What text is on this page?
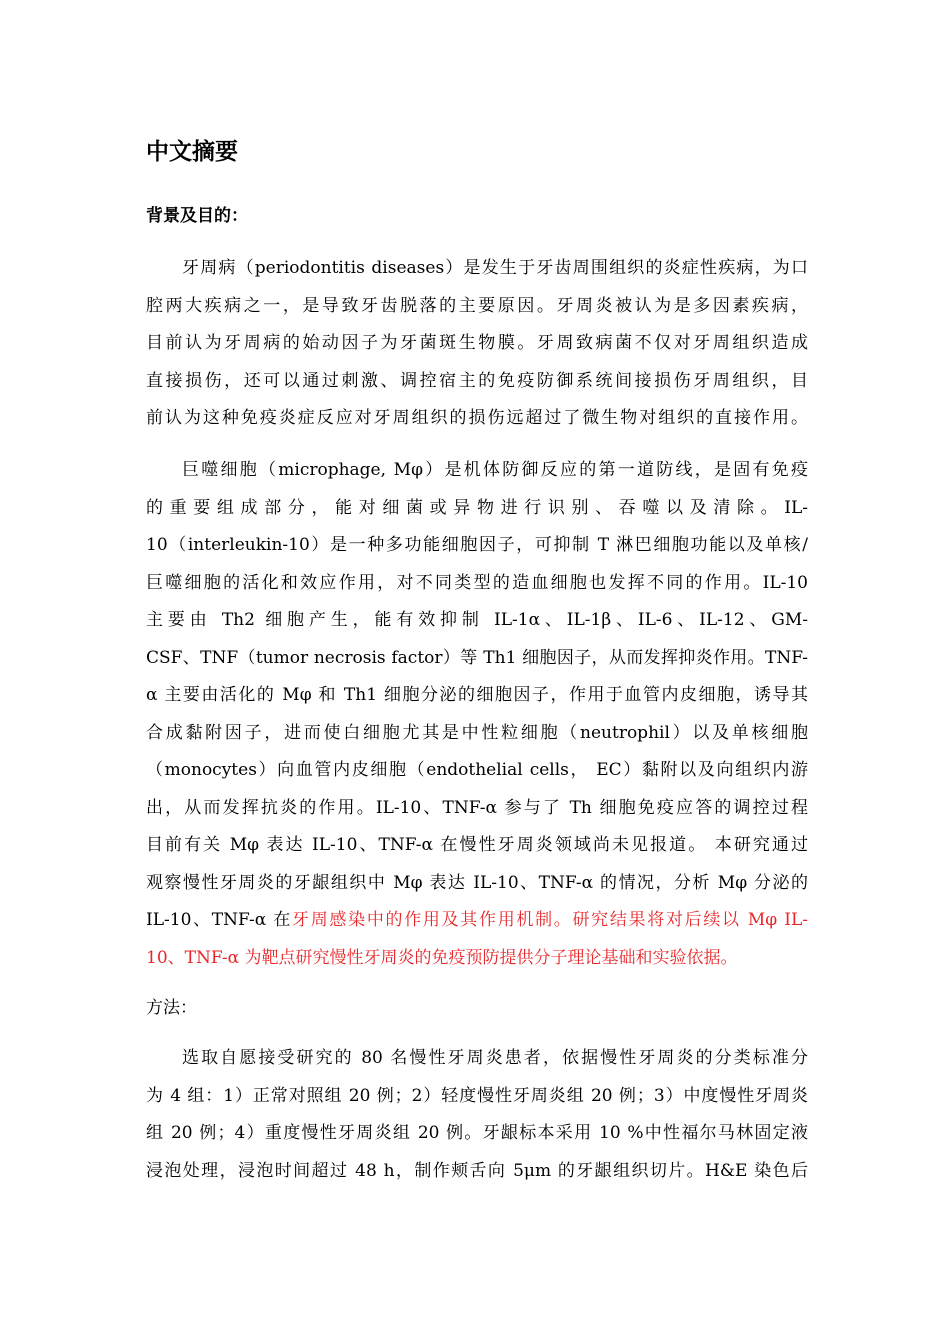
中文摘要
背景及目的：

牙周病（periodontitis diseases）是发生于牙齿周围组织的炎症性疾病，为口
腔两大疾病之一，是导致牙齿脱落的主要原因。牙周炎被认为是多因素疾病，
目前认为牙周病的始动因子为牙菌斑生物膜。牙周致病菌不仅对牙周组织造成
直接损伤，还可以通过刺激、调控宿主的免疫防御系统间接损伤牙周组织，目
前认为这种免疫炎症反应对牙周组织的损伤远超过了微生物对组织的直接作用。

巨噬细胞（microphage, Mφ）是机体防御反应的第一道防线，是固有免疫
的重要组成部分，能对细菌或异物进行识别、吞噬以及清除。IL-
10（interleukin-10）是一种多功能细胞因子，可抑制 T 淋巴细胞功能以及单核/
巨噬细胞的活化和效应作用，对不同类型的造血细胞也发挥不同的作用。IL-10
主要由 Th2 细胞产生，能有效抑制 IL-1α、IL-1β、IL-6、IL-12、GM-
CSF、TNF（tumor necrosis factor）等 Th1 细胞因子，从而发挥抑炎作用。TNF-
α 主要由活化的 Mφ 和 Th1 细胞分泌的细胞因子，作用于血管内皮细胞，诱导其
合成黏附因子，进而使白细胞尤其是中性粒细胞（neutrophil）以及单核细胞
（monocytes）向血管内皮细胞（endothelial cells， EC）黏附以及向组织内游
出，从而发挥抗炎的作用。IL-10、TNF-α 参与了 Th 细胞免疫应答的调控过程
目前有关 Mφ 表达 IL-10、TNF-α 在慢性牙周炎领域尚未见报道。 本研究通过
观察慢性牙周炎的牙龈组织中 Mφ 表达 IL-10、TNF-α 的情况，分析 Mφ 分泌的
IL-10、TNF-α 在牙周感染中的作用及其作用机制。研究结果将对后续以 Mφ IL-
10、TNF-α 为靶点研究慢性牙周炎的免疫预防提供分子理论基础和实验依据。

方法：

选取自愿接受研究的 80 名慢性牙周炎患者，依据慢性牙周炎的分类标准分
为 4 组：1）正常对照组 20 例；2）轻度慢性牙周炎组 20 例；3）中度慢性牙周炎
组 20 例；4）重度慢性牙周炎组 20 例。牙龈标本采用 10 %中性福尔马林固定液
浸泡处理，浸泡时间超过 48 h，制作颊舌向 5μm 的牙龈组织切片。H&E 染色后
